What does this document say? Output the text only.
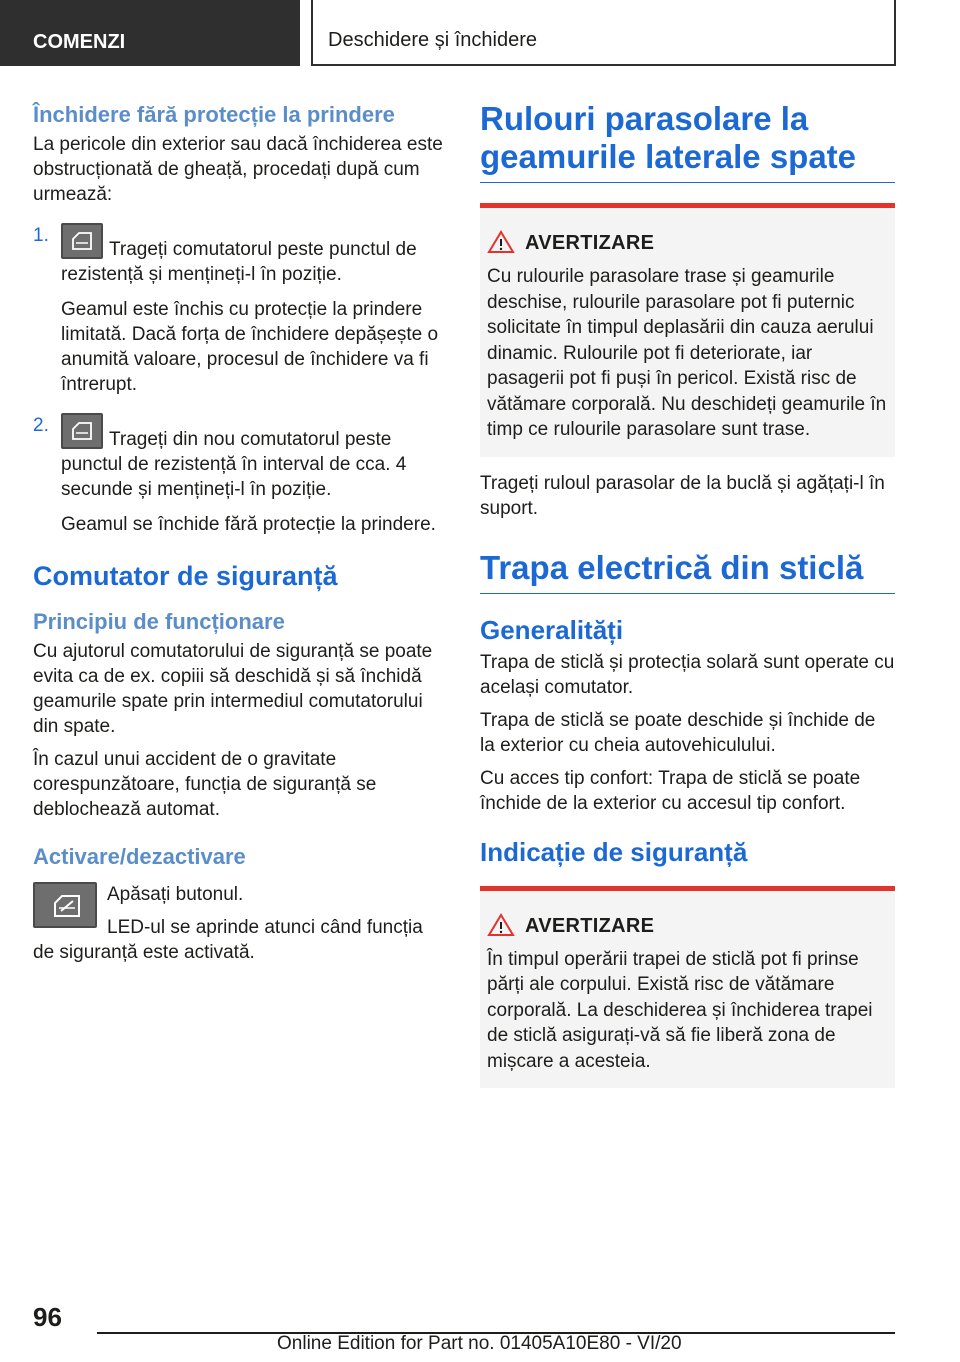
COMENZI	Deschidere și închidere
Închidere fără protecție la prindere

La pericole din exterior sau dacă închiderea este obstrucționată de gheață, procedați după cum urmează:

1.

Trageți comutatorul peste punctul de rezistență și mențineți-l în poziție.

Geamul este închis cu protecție la prindere limitată. Dacă forța de închidere depășește o anumită valoare, procesul de închidere va fi întrerupt.

2.

Trageți din nou comutatorul peste punctul de rezistență în interval de cca. 4 secunde și mențineți-l în poziție.

Geamul se închide fără protecție la prindere.

Comutator de siguranță
Principiu de funcționare

Cu ajutorul comutatorului de siguranță se poate evita ca de ex. copiii să deschidă și să închidă geamurile spate prin intermediul comutatorului din spate.

În cazul unui accident de o gravitate corespunzătoare, funcția de siguranță se deblochează automat.

Activare/dezactivare

Apăsați butonul.

LED-ul se aprinde atunci când funcția de siguranță este activată.

Rulouri parasolare la geamurile laterale spate
AVERTIZARE

Cu rulourile parasolare trase și geamurile deschise, rulourile parasolare pot fi puternic solicitate în timpul deplasării din cauza aerului dinamic. Rulourile pot fi deteriorate, iar pasagerii pot fi puși în pericol. Există risc de vătămare corporală. Nu deschideți geamurile în timp ce rulourile parasolare sunt trase.

Trageți ruloul parasolar de la buclă și agățați-l în suport.

Trapa electrică din sticlă
Generalități

Trapa de sticlă și protecția solară sunt operate cu același comutator.

Trapa de sticlă se poate deschide și închide de la exterior cu cheia autovehiculului.

Cu acces tip confort: Trapa de sticlă se poate închide de la exterior cu accesul tip confort.

Indicație de siguranță
AVERTIZARE

În timpul operării trapei de sticlă pot fi prinse părți ale corpului. Există risc de vătămare corporală. La deschiderea și închiderea trapei de sticlă asigurați-vă să fie liberă zona de mișcare a acesteia.

96
Online Edition for Part no. 01405A10E80 - VI/20
